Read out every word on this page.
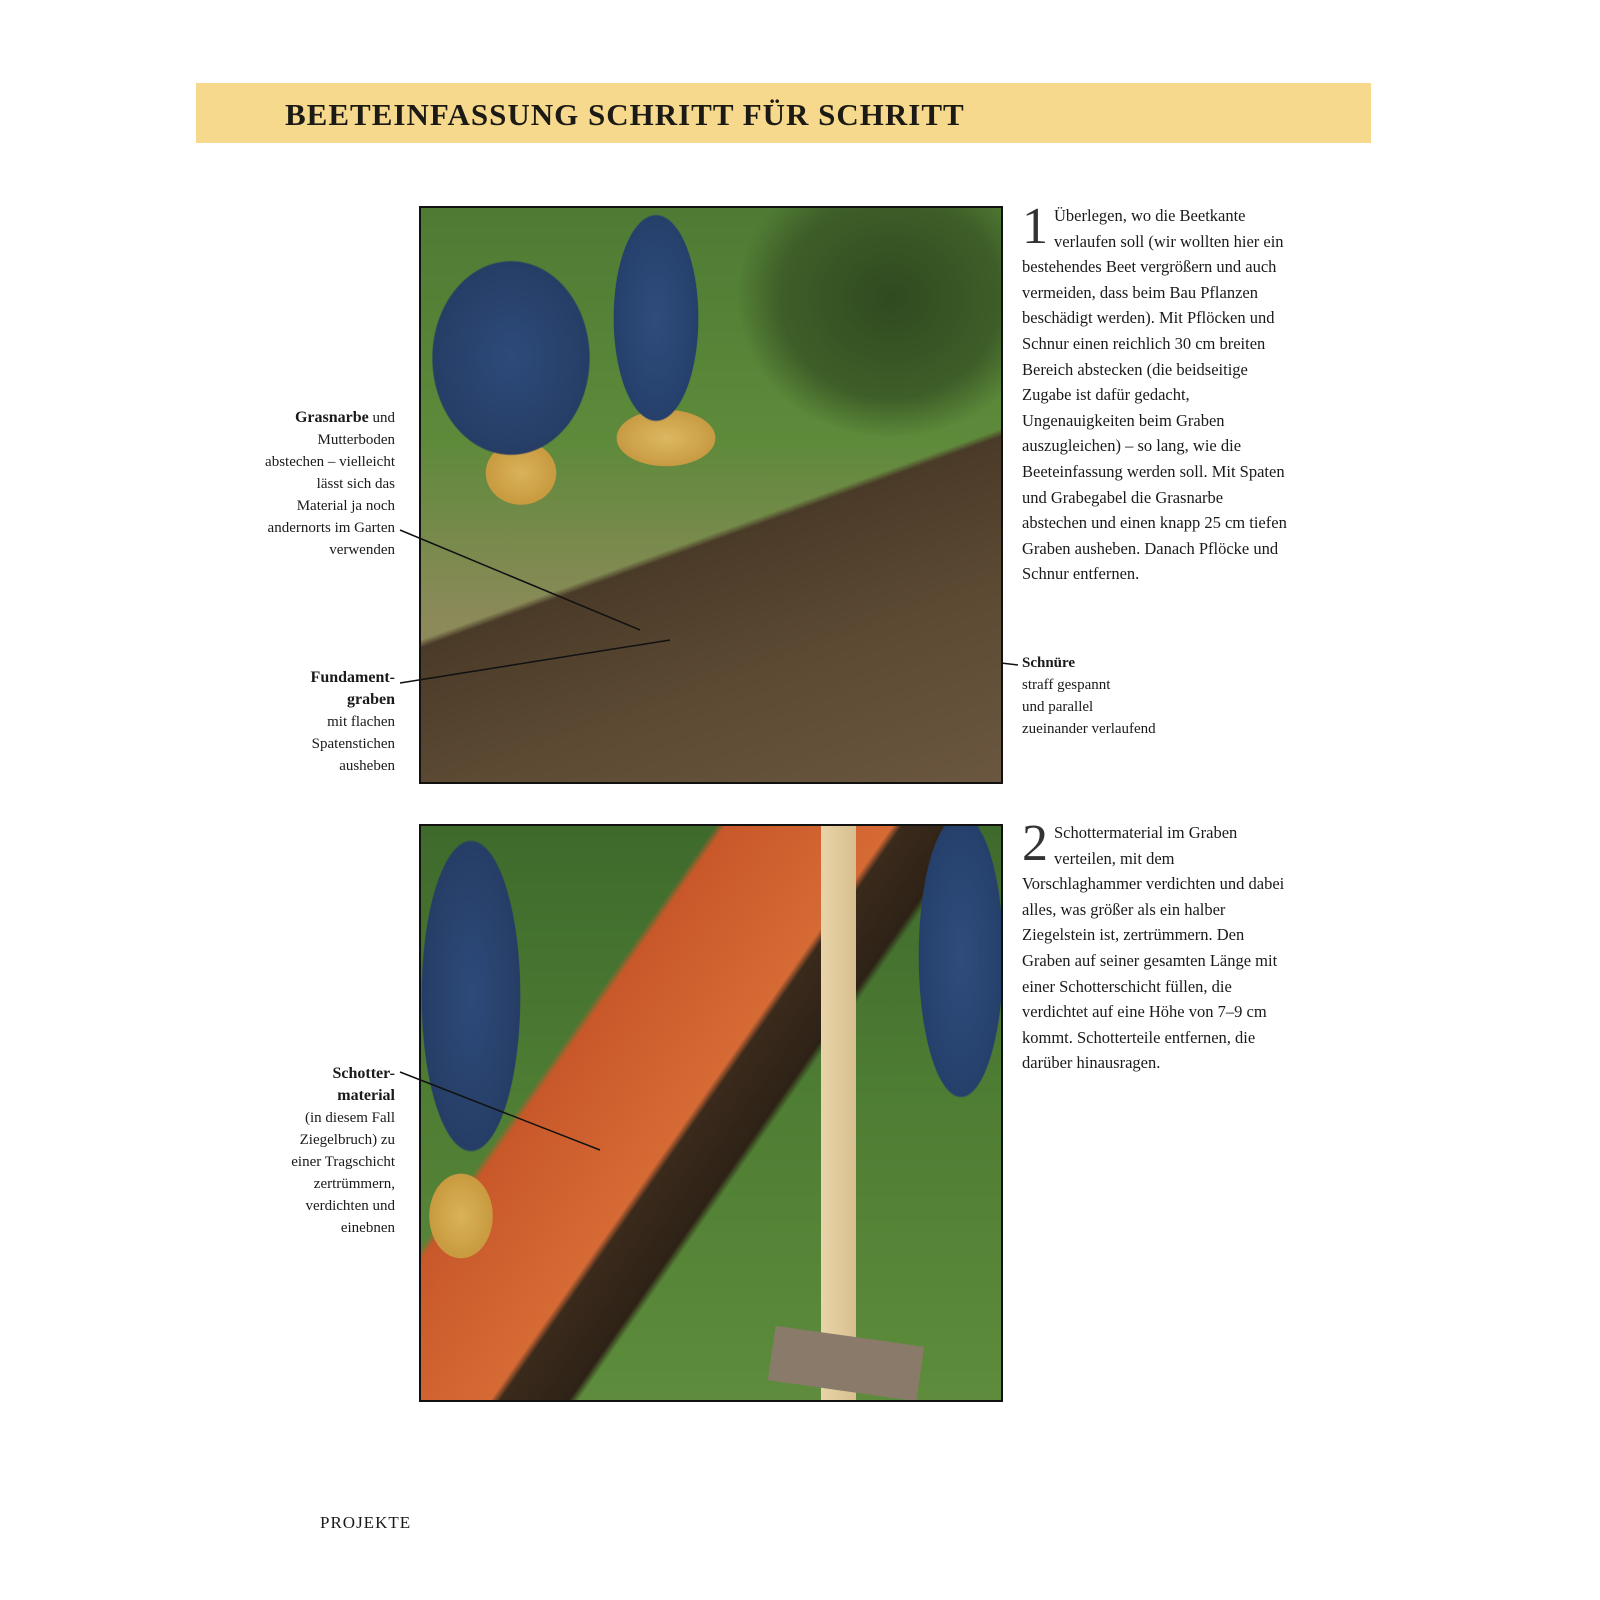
BEETEINFASSUNG SCHRITT FÜR SCHRITT
1 Überlegen, wo die Beetkante verlaufen soll (wir wollten hier ein bestehendes Beet vergrößern und auch vermeiden, dass beim Bau Pflanzen beschädigt werden). Mit Pflöcken und Schnur einen reichlich 30 cm breiten Bereich abstecken (die beidseitige Zugabe ist dafür gedacht, Ungenauigkeiten beim Graben auszugleichen) – so lang, wie die Beeteinfassung werden soll. Mit Spaten und Grabegabel die Grasnarbe abstechen und einen knapp 25 cm tiefen Graben ausheben. Danach Pflöcke und Schnur entfernen.
2 Schottermaterial im Graben verteilen, mit dem Vorschlaghammer verdichten und dabei alles, was größer als ein halber Ziegelstein ist, zertrümmern. Den Graben auf seiner gesamten Länge mit einer Schotterschicht füllen, die verdichtet auf eine Höhe von 7–9 cm kommt. Schotterteile entfernen, die darüber hinausragen.
Grasnarbe und Mutterboden abstechen – vielleicht lässt sich das Material ja noch andernorts im Garten verwenden
Fundament-graben
mit flachen Spatenstichen ausheben
Schnüre
straff gespannt
und parallel
zueinander verlaufend
Schotter-material
(in diesem Fall Ziegelbruch) zu einer Tragschicht zertrümmern, verdichten und einebnen
PROJEKTE
